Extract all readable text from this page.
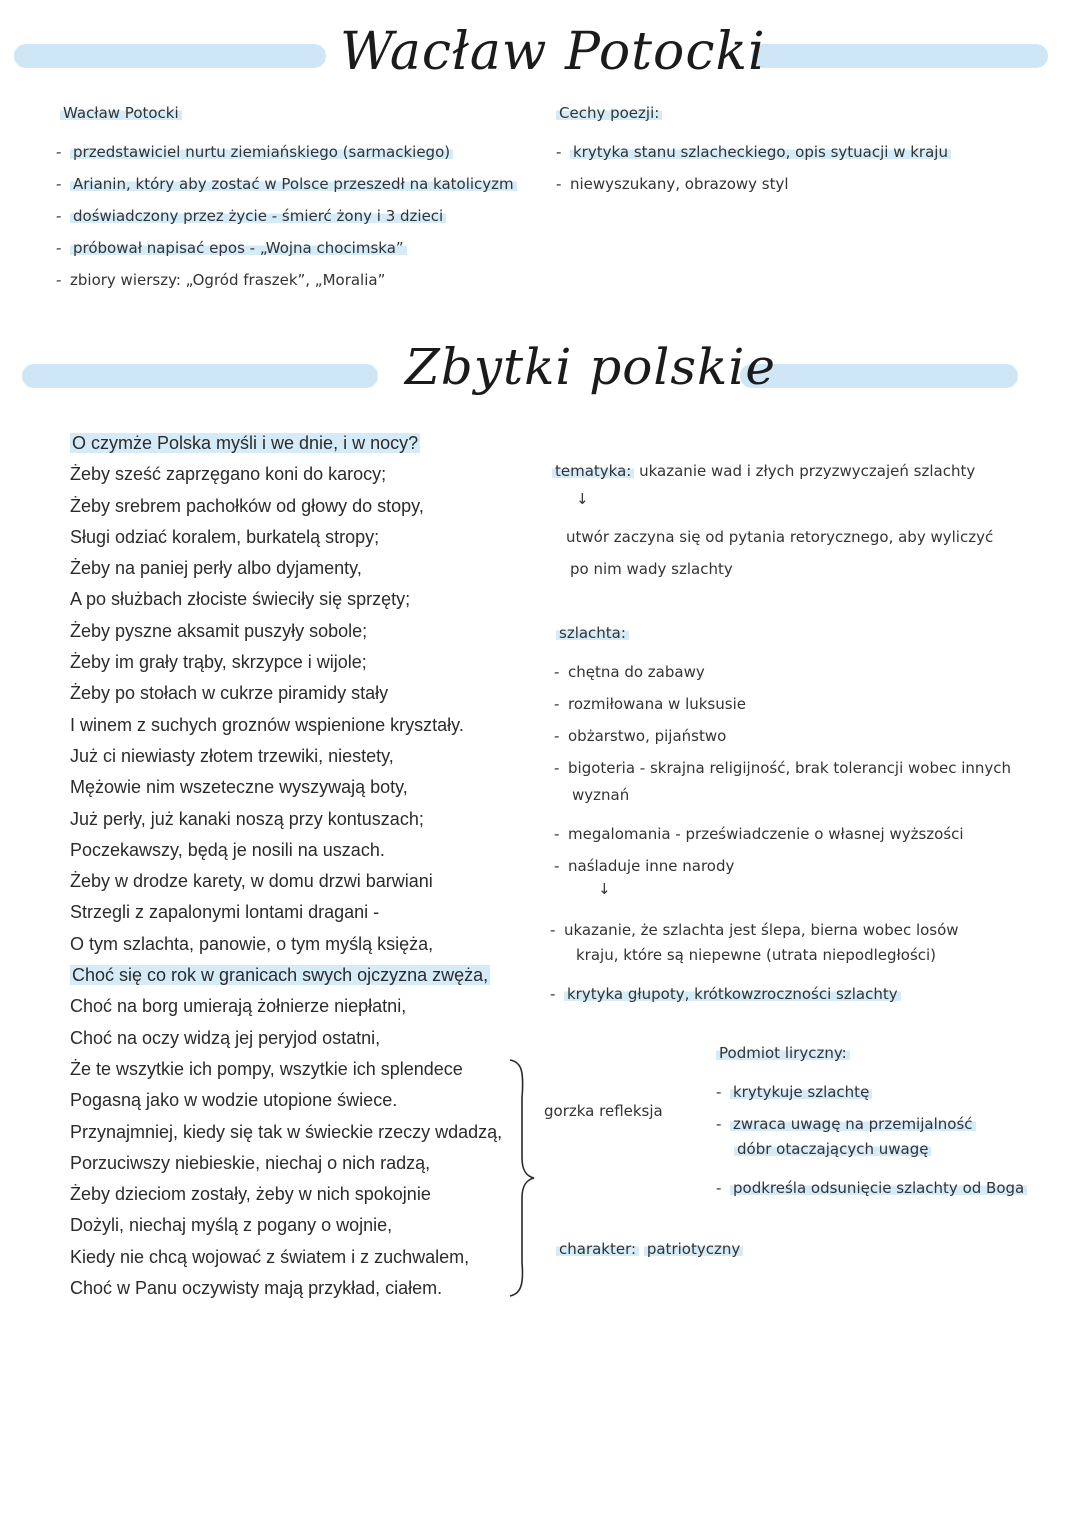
Wacław Potocki
Wacław Potocki
- przedstawiciel nurtu ziemiańskiego (sarmackiego)
- Arianin, który aby zostać w Polsce przeszedł na katolicyzm
- doświadczony przez życie - śmierć żony i 3 dzieci
- próbował napisać epos - „Wojna chocimska”
- zbiory wierszy: „Ogród fraszek”, „Moralia”
Cechy poezji:
- krytyka stanu szlacheckiego, opis sytuacji w kraju
- niewyszukany, obrazowy styl
Zbytki polskie
O czymże Polska myśli i we dnie, i w nocy?
Żeby sześć zaprzęgano koni do karocy;
Żeby srebrem pachołków od głowy do stopy,
Sługi odziać koralem, burkatelą stropy;
Żeby na paniej perły albo dyjamenty,
A po służbach złociste świeciły się sprzęty;
Żeby pyszne aksamit puszyły sobole;
Żeby im grały trąby, skrzypce i wijole;
Żeby po stołach w cukrze piramidy stały
I winem z suchych groznów wspienione kryształy.
Już ci niewiasty złotem trzewiki, niestety,
Mężowie nim wszeteczne wyszywają boty,
Już perły, już kanaki noszą przy kontuszach;
Poczekawszy, będą je nosili na uszach.
Żeby w drodze karety, w domu drzwi barwiani
Strzegli z zapalonymi lontami dragani -
O tym szlachta, panowie, o tym myślą księża,
Choć się co rok w granicach swych ojczyzna zwęża,
Choć na borg umierają żołnierze niepłatni,
Choć na oczy widzą jej peryjod ostatni,
Że te wszytkie ich pompy, wszytkie ich splendece
Pogasną jako w wodzie utopione świece.
Przynajmniej, kiedy się tak w świeckie rzeczy wdadzą,
Porzuciwszy niebieskie, niechaj o nich radzą,
Żeby dzieciom zostały, żeby w nich spokojnie
Dożyli, niechaj myślą z pogany o wojnie,
Kiedy nie chcą wojować z światem i z zuchwalem,
Choć w Panu oczywisty mają przykład, ciałem.
tematyka: ukazanie wad i złych przyzwyczajeń szlachty
↓
utwór zaczyna się od pytania retorycznego, aby wyliczyć
po nim wady szlachty
szlachta:
- chętna do zabawy
- rozmiłowana w luksusie
- obżarstwo, pijaństwo
- bigoteria - skrajna religijność, brak tolerancji wobec innych
wyznań
- megalomania - przeświadczenie o własnej wyższości
- naśladuje inne narody
↓
- ukazanie, że szlachta jest ślepa, bierna wobec losów
kraju, które są niepewne (utrata niepodległości)
- krytyka głupoty, krótkowzroczności szlachty
gorzka refleksja
Podmiot liryczny:
- krytykuje szlachtę
- zwraca uwagę na przemijalność
dóbr otaczających uwagę
- podkreśla odsunięcie szlachty od Boga
charakter: patriotyczny
